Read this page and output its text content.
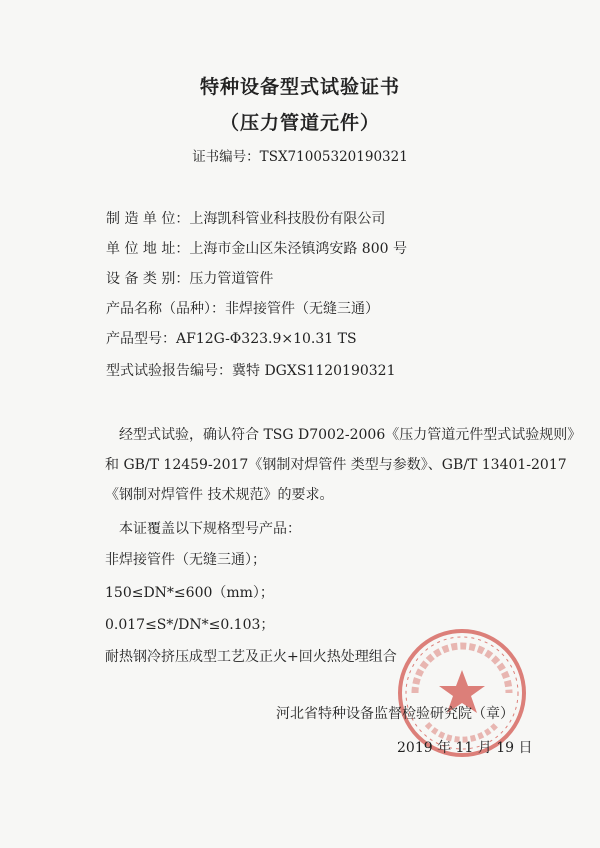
特种设备型式试验证书
（压力管道元件）
证书编号：TSX71005320190321
制 造 单 位：上海凯科管业科技股份有限公司
单 位 地 址：上海市金山区朱泾镇鸿安路 800 号
设 备 类 别：压力管道管件
产品名称（品种）：非焊接管件（无缝三通）
产品型号：AF12G-Φ323.9×10.31 TS
型式试验报告编号：冀特 DGXS1120190321
经型式试验，确认符合 TSG D7002-2006《压力管道元件型式试验规则》和 GB/T 12459-2017《钢制对焊管件 类型与参数》、GB/T 13401-2017《钢制对焊管件 技术规范》的要求。
本证覆盖以下规格型号产品：
非焊接管件（无缝三通）；
150≤DN*≤600（mm）；
0.017≤S*/DN*≤0.103；
耐热钢冷挤压成型工艺及正火+回火热处理组合
河北省特种设备监督检验研究院（章）
2019 年 11 月 19 日
